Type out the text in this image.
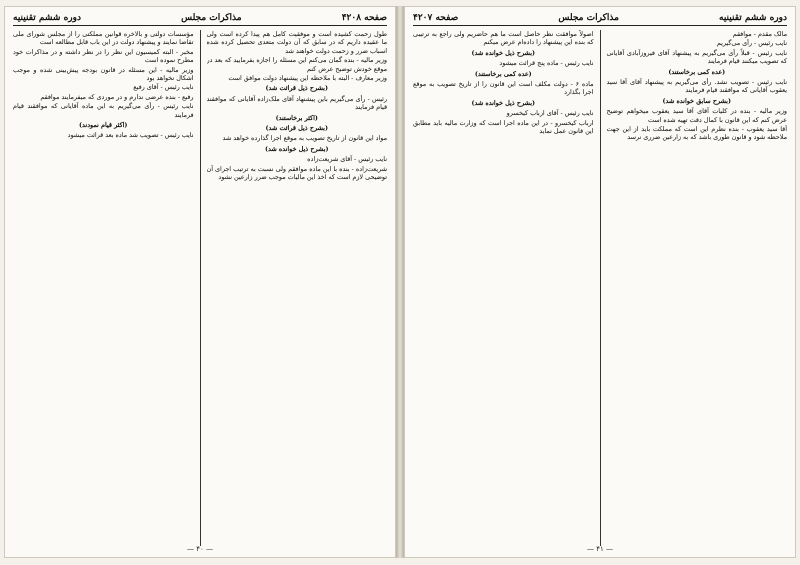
صفحه ۴۲۰۸
مذاکرات مجلس
دوره ششم تقنینیه

طول زحمت کشیده است و موفقیت کامل هم پیدا کرده است ولی ما عقیده داریم که در سابق که آن دولت متعدی تحصیل کرده شده اسباب ضرر و زحمت دولت خواهند شد

وزیر مالیه - بنده گمان می‌کنم این مسئله را اجازه بفرمایید که بعد در موقع خودش توضیح عرض کنم

وزیر معارف - البته با ملاحظه این پیشنهاد دولت موافق است

(بشرح ذیل قرائت شد)

رئیس - رأی می‌گیریم باین پیشنهاد آقای ملک‌زاده آقایانی که موافقند قیام فرمایند

(اکثر برخاستند)

(بشرح ذیل قرائت شد)

مواد این قانون از تاریخ تصویب به موقع اجرا گذارده خواهد شد

(بشرح ذیل خوانده شد)

نایب رئیس - آقای شریعت‌زاده

شریعت‌زاده - بنده با این ماده موافقم ولی نسبت به ترتیب اجرای آن توضیحی لازم است که اخذ این مالیات موجب ضرر زارعین نشود

مؤسسات دولتی و بالاخره قوانین مملکتی را از مجلس شورای ملی تقاضا نمایند و پیشنهاد دولت در این باب قابل مطالعه است

مخبر - البته کمیسیون این نظر را در نظر داشته و در مذاکرات خود مطرح نموده است

وزیر مالیه - این مسئله در قانون بودجه پیش‌بینی شده و موجب اشکال نخواهد بود

نایب رئیس - آقای رفیع

رفیع - بنده عرضی ندارم و در موردی که میفرمایند موافقم

نایب رئیس - رأی می‌گیریم به این ماده آقایانی که موافقند قیام فرمایند

(اکثر قیام نمودند)

نایب رئیس - تصویب شد ماده بعد قرائت میشود

— ۴۰ —
دوره ششم تقنینیه
مذاکرات مجلس
صفحه ۴۲۰۷

مالک مقدم - موافقم

نایب رئیس - رأی می‌گیریم

نایب رئیس - قبلاً رأی می‌گیریم به پیشنهاد آقای فیروزآبادی آقایانی که تصویب میکنند قیام فرمایند

(عده کمی برخاستند)

نایب رئیس - تصویب نشد. رأی می‌گیریم به پیشنهاد آقای آقا سید یعقوب آقایانی که موافقند قیام فرمایند

(بشرح سابق خوانده شد)

وزیر مالیه - بنده در کلیات آقای آقا سید یعقوب میخواهم توضیح عرض کنم که این قانون با کمال دقت تهیه شده است

آقا سید یعقوب - بنده نظرم این است که مملکت باید از این جهت ملاحظه شود و قانون طوری باشد که به زارعین ضرری نرسد

اصولاً موافقت نظر حاصل است ما هم حاضریم ولی راجع به ترتیبی که بنده این پیشنهاد را داده‌ام عرض میکنم

(بشرح ذیل خوانده شد)

نایب رئیس - ماده پنج قرائت میشود

(عده کمی برخاستند)

ماده ۶ - دولت مکلف است این قانون را از تاریخ تصویب به موقع اجرا بگذارد

(بشرح ذیل خوانده شد)

نایب رئیس - آقای ارباب کیخسرو

ارباب کیخسرو - در این ماده اجرا است که وزارت مالیه باید مطابق این قانون عمل نماید

— ۴۱ —
